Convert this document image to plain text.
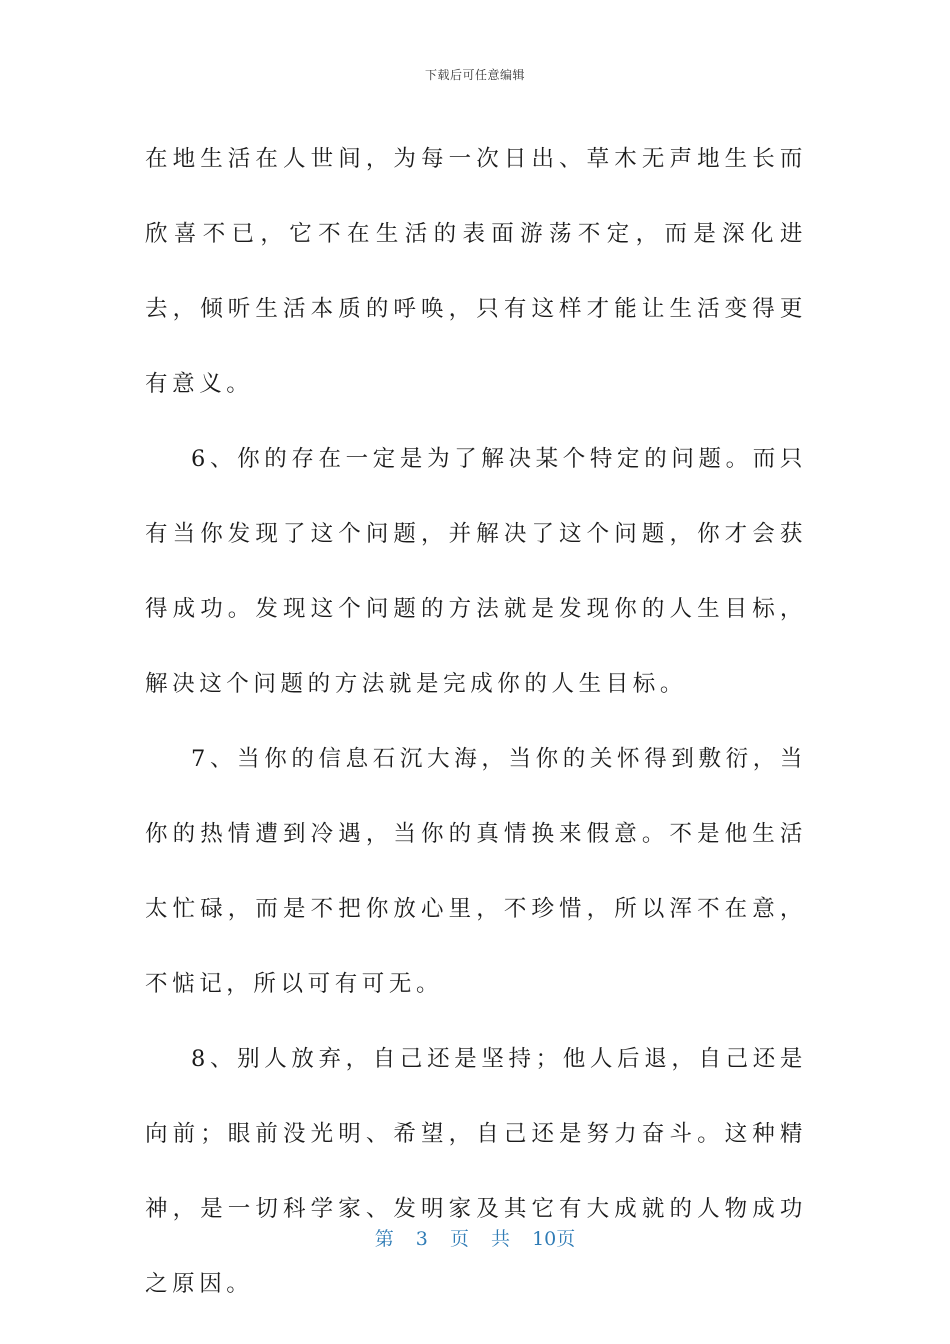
下载后可任意编辑

在地生活在人世间，为每一次日出、草木无声地生长而欣喜不已，它不在生活的表面游荡不定，而是深化进去，倾听生活本质的呼唤，只有这样才能让生活变得更有意义。

6、你的存在一定是为了解决某个特定的问题。而只有当你发现了这个问题，并解决了这个问题，你才会获得成功。发现这个问题的方法就是发现你的人生目标，解决这个问题的方法就是完成你的人生目标。

7、当你的信息石沉大海，当你的关怀得到敷衍，当你的热情遭到冷遇，当你的真情换来假意。不是他生活太忙碌，而是不把你放心里，不珍惜，所以浑不在意，不惦记，所以可有可无。

8、别人放弃，自己还是坚持；他人后退，自己还是向前；眼前没光明、希望，自己还是努力奋斗。这种精神，是一切科学家、发明家及其它有大成就的人物成功之原因。

第 3 页 共 10页
